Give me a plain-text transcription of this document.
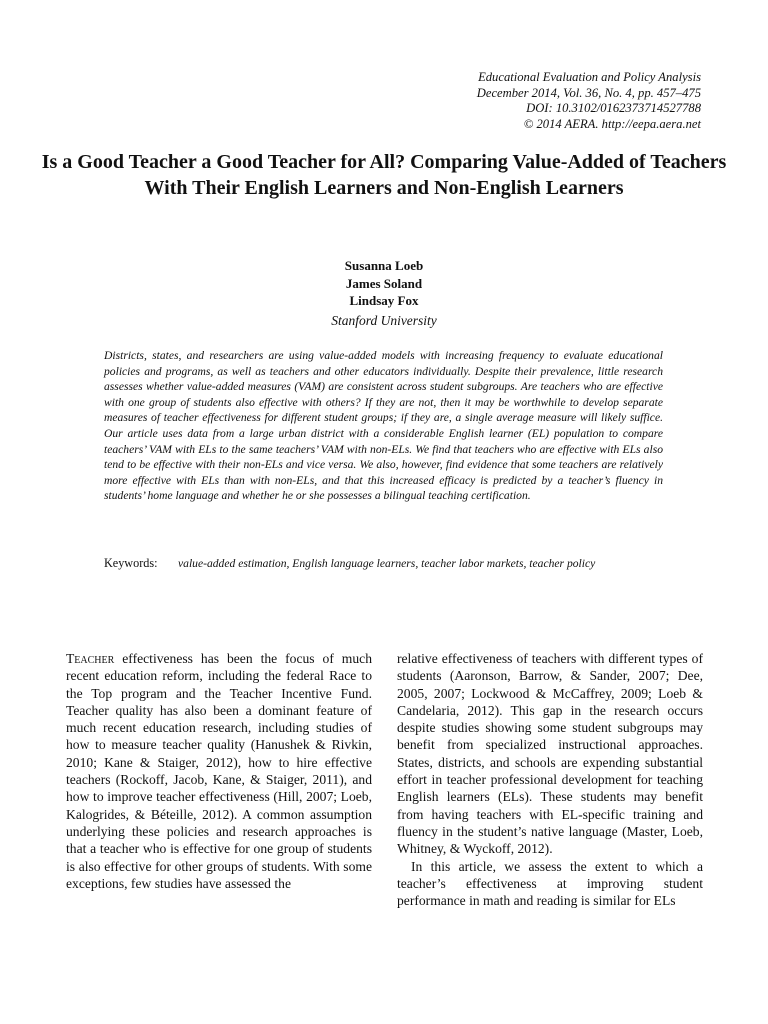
Educational Evaluation and Policy Analysis
December 2014, Vol. 36, No. 4, pp. 457–475
DOI: 10.3102/0162373714527788
© 2014 AERA. http://eepa.aera.net
Is a Good Teacher a Good Teacher for All? Comparing Value-Added of Teachers With Their English Learners and Non-English Learners
Susanna Loeb
James Soland
Lindsay Fox
Stanford University

Districts, states, and researchers are using value-added models with increasing frequency to evaluate educational policies and programs, as well as teachers and other educators individually. Despite their prevalence, little research assesses whether value-added measures (VAM) are consistent across student subgroups. Are teachers who are effective with one group of students also effective with others? If they are not, then it may be worthwhile to develop separate measures of teacher effectiveness for different student groups; if they are, a single average measure will likely suffice. Our article uses data from a large urban district with a considerable English learner (EL) population to compare teachers’ VAM with ELs to the same teachers’ VAM with non-ELs. We find that teachers who are effective with ELs also tend to be effective with their non-ELs and vice versa. We also, however, find evidence that some teachers are relatively more effective with ELs than with non-ELs, and that this increased efficacy is predicted by a teacher’s fluency in students’ home language and whether he or she possesses a bilingual teaching certification.

Keywords: value-added estimation, English language learners, teacher labor markets, teacher policy

Teacher effectiveness has been the focus of much recent education reform, including the federal Race to the Top program and the Teacher Incentive Fund. Teacher quality has also been a dominant feature of much recent education research, including studies of how to measure teacher quality (Hanushek & Rivkin, 2010; Kane & Staiger, 2012), how to hire effective teachers (Rockoff, Jacob, Kane, & Staiger, 2011), and how to improve teacher effectiveness (Hill, 2007; Loeb, Kalogrides, & Béteille, 2012). A common assumption underlying these policies and research approaches is that a teacher who is effective for one group of students is also effective for other groups of students. With some exceptions, few studies have assessed the

relative effectiveness of teachers with different types of students (Aaronson, Barrow, & Sander, 2007; Dee, 2005, 2007; Lockwood & McCaffrey, 2009; Loeb & Candelaria, 2012). This gap in the research occurs despite studies showing some student subgroups may benefit from specialized instructional approaches. States, districts, and schools are expending substantial effort in teacher professional development for teaching English learners (ELs). These students may benefit from having teachers with EL-specific training and fluency in the student’s native language (Master, Loeb, Whitney, & Wyckoff, 2012).

In this article, we assess the extent to which a teacher’s effectiveness at improving student performance in math and reading is similar for ELs
